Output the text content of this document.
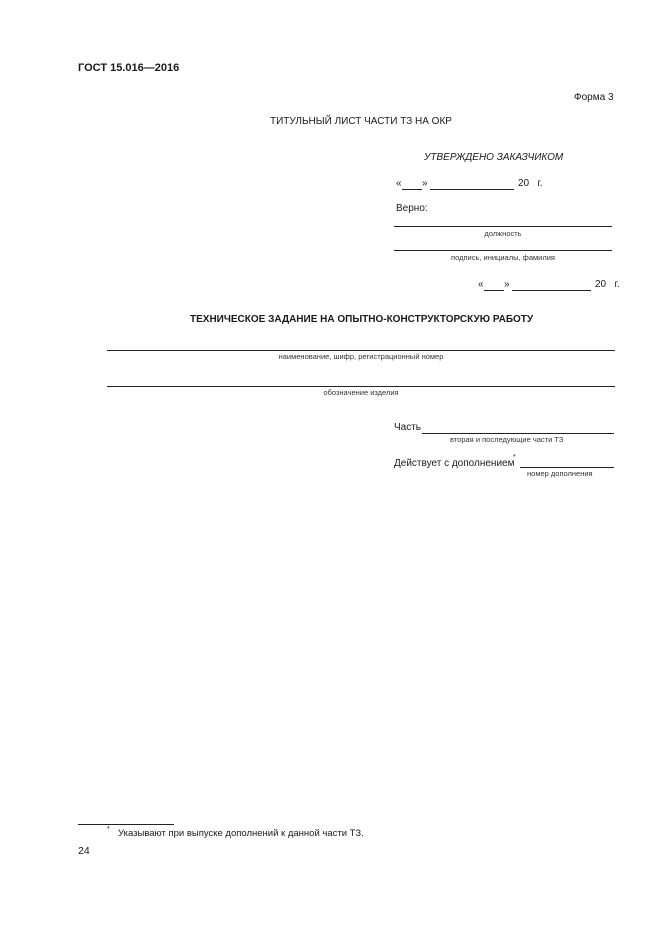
ГОСТ 15.016—2016
Форма 3
ТИТУЛЬНЫЙ ЛИСТ ЧАСТИ ТЗ НА ОКР
УТВЕРЖДЕНО ЗАКАЗЧИКОМ
« »	20   г.
Верно:
должность
подпись, инициалы, фамилия
« »	20   г.
ТЕХНИЧЕСКОЕ ЗАДАНИЕ НА ОПЫТНО-КОНСТРУКТОРСКУЮ РАБОТУ
наименование, шифр, регистрационный номер
обозначение изделия
Часть
вторая и последующие части ТЗ
Действует с дополнением
*
номер дополнения
* Указывают при выпуске дополнений к данной части ТЗ.
24
